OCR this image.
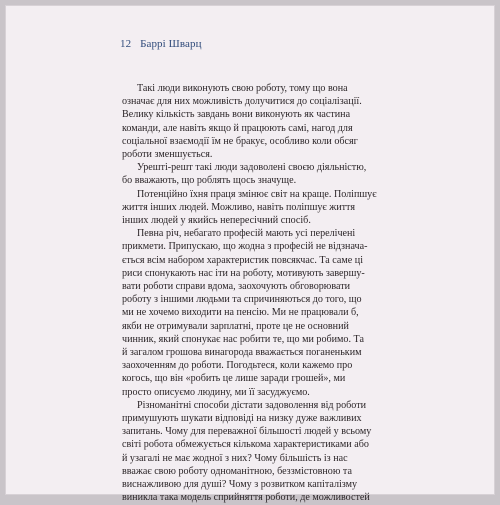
12 Баррі Шварц
Такі люди виконують свою роботу, тому що вона
означає для них можливість долучитися до соціалізації.
Велику кількість завдань вони виконують як частина
команди, але навіть якщо й працюють самі, нагод для
соціальної взаємодії їм не бракує, особливо коли обсяг
роботи зменшується.
Урешті-решт такі люди задоволені своєю діяльністю,
бо вважають, що роблять щось значуще.
Потенційно їхня праця змінює світ на краще. Поліпшує
життя інших людей. Можливо, навіть поліпшує життя
інших людей у якийсь непересічний спосіб.
Певна річ, небагато професій мають усі перелічені
прикмети. Припускаю, що жодна з професій не відзнача-
ється всім набором характеристик повсякчас. Та саме ці
риси спонукають нас іти на роботу, мотивують завершу-
вати роботи справи вдома, заохочують обговорювати
роботу з іншими людьми та спричиняються до того, що
ми не хочемо виходити на пенсію. Ми не працювали б,
якби не отримували зарплатні, проте це не основний
чинник, який спонукає нас робити те, що ми робимо. Та
й загалом грошова винагорода вважається поганеньким
заохоченням до роботи. Погодьтеся, коли кажемо про
когось, що він «робить це лише заради грошей», ми
просто описуємо людину, ми її засуджуємо.
Різноманітні способи дістати задоволення від роботи
примушують шукати відповіді на низку дуже важливих
запитань. Чому для переважної більшості людей у всьому
світі робота обмежується кількома характеристиками або
й узагалі не має жодної з них? Чому більшість із нас
вважає свою роботу одноманітною, беззмістовною та
виснажливою для душі? Чому з розвитком капіталізму
виникла така модель сприйняття роботи, де можливостей
